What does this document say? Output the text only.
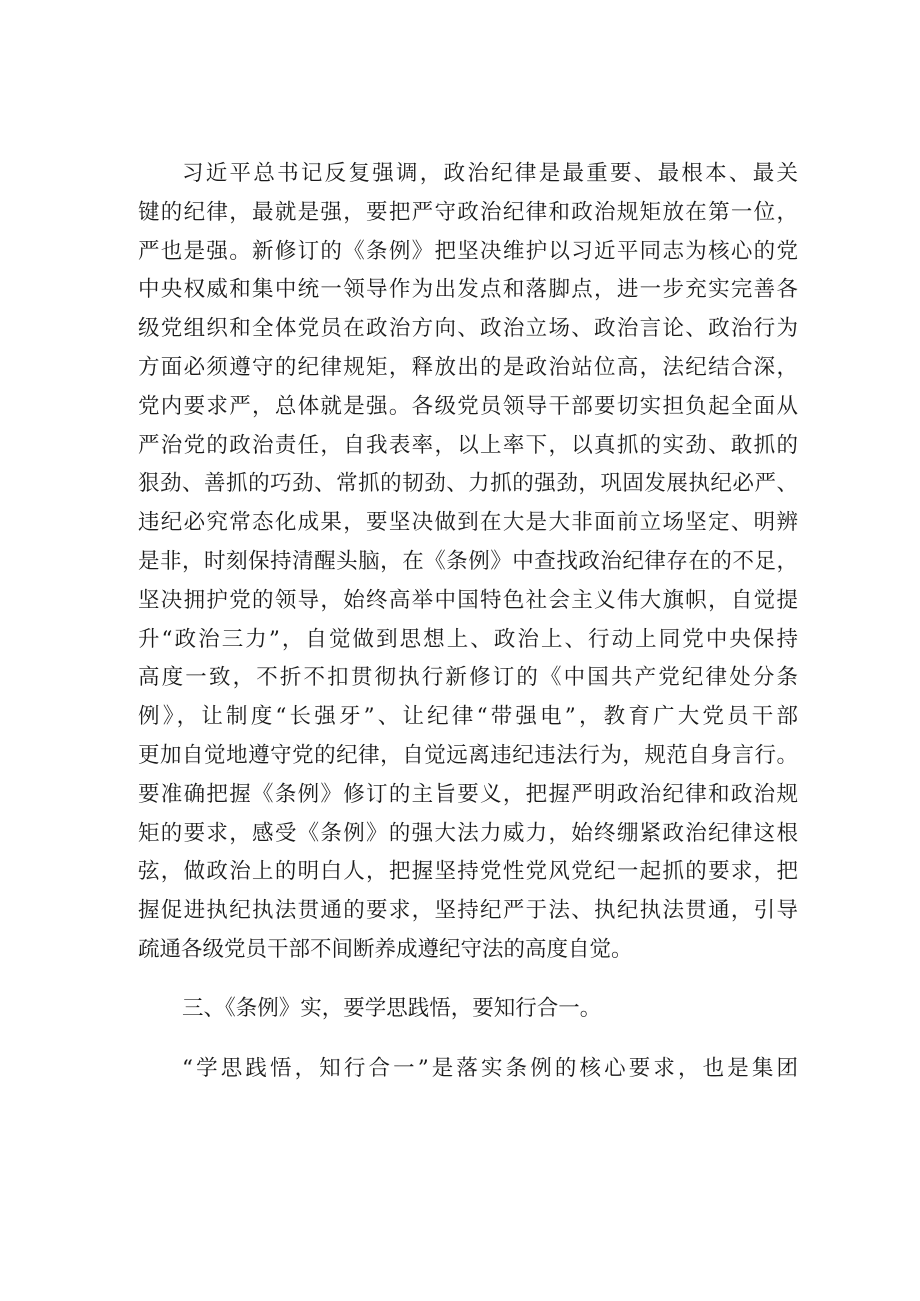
习近平总书记反复强调，政治纪律是最重要、最根本、最关
键的纪律，最就是强，要把严守政治纪律和政治规矩放在第一位，
严也是强。新修订的《条例》把坚决维护以习近平同志为核心的党
中央权威和集中统一领导作为出发点和落脚点，进一步充实完善各
级党组织和全体党员在政治方向、政治立场、政治言论、政治行为
方面必须遵守的纪律规矩，释放出的是政治站位高，法纪结合深，
党内要求严，总体就是强。各级党员领导干部要切实担负起全面从
严治党的政治责任，自我表率，以上率下，以真抓的实劲、敢抓的
狠劲、善抓的巧劲、常抓的韧劲、力抓的强劲，巩固发展执纪必严、
违纪必究常态化成果，要坚决做到在大是大非面前立场坚定、明辨
是非，时刻保持清醒头脑，在《条例》中查找政治纪律存在的不足，
坚决拥护党的领导，始终高举中国特色社会主义伟大旗帜，自觉提
升“政治三力”，自觉做到思想上、政治上、行动上同党中央保持
高度一致，不折不扣贯彻执行新修订的《中国共产党纪律处分条
例》，让制度“长强牙”、让纪律“带强电”，教育广大党员干部
更加自觉地遵守党的纪律，自觉远离违纪违法行为，规范自身言行。
要准确把握《条例》修订的主旨要义，把握严明政治纪律和政治规
矩的要求，感受《条例》的强大法力威力，始终绷紧政治纪律这根
弦，做政治上的明白人，把握坚持党性党风党纪一起抓的要求，把
握促进执纪执法贯通的要求，坚持纪严于法、执纪执法贯通，引导
疏通各级党员干部不间断养成遵纪守法的高度自觉。
三、《条例》实，要学思践悟，要知行合一。
“学思践悟，知行合一”是落实条例的核心要求，也是集团
